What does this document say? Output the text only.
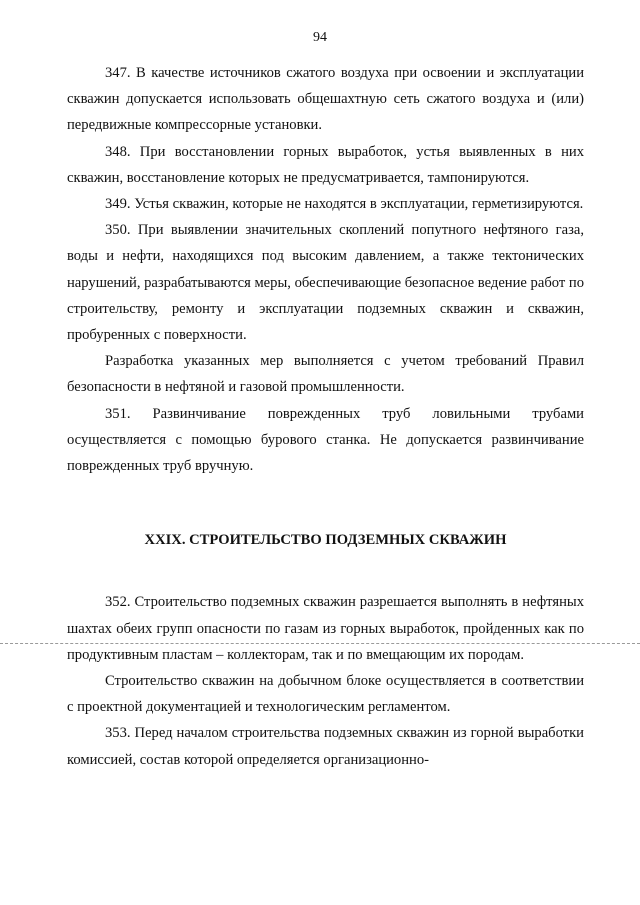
94

347. В качестве источников сжатого воздуха при освоении и эксплуатации скважин допускается использовать общешахтную сеть сжатого воздуха и (или) передвижные компрессорные установки.

348. При восстановлении горных выработок, устья выявленных в них скважин, восстановление которых не предусматривается, тампонируются.

349. Устья скважин, которые не находятся в эксплуатации, герметизируются.

350. При выявлении значительных скоплений попутного нефтяного газа, воды и нефти, находящихся под высоким давлением, а также тектонических нарушений, разрабатываются меры, обеспечивающие безопасное ведение работ по строительству, ремонту и эксплуатации подземных скважин и скважин, пробуренных с поверхности.

Разработка указанных мер выполняется с учетом требований Правил безопасности в нефтяной и газовой промышленности.

351. Развинчивание поврежденных труб ловильными трубами осуществляется с помощью бурового станка. Не допускается развинчивание поврежденных труб вручную.

XXIX. СТРОИТЕЛЬСТВО ПОДЗЕМНЫХ СКВАЖИН

352. Строительство подземных скважин разрешается выполнять в нефтяных шахтах обеих групп опасности по газам из горных выработок, пройденных как по продуктивным пластам – коллекторам, так и по вмещающим их породам.

Строительство скважин на добычном блоке осуществляется в соответствии с проектной документацией и технологическим регламентом.

353. Перед началом строительства подземных скважин из горной выработки комиссией, состав которой определяется организационно-
